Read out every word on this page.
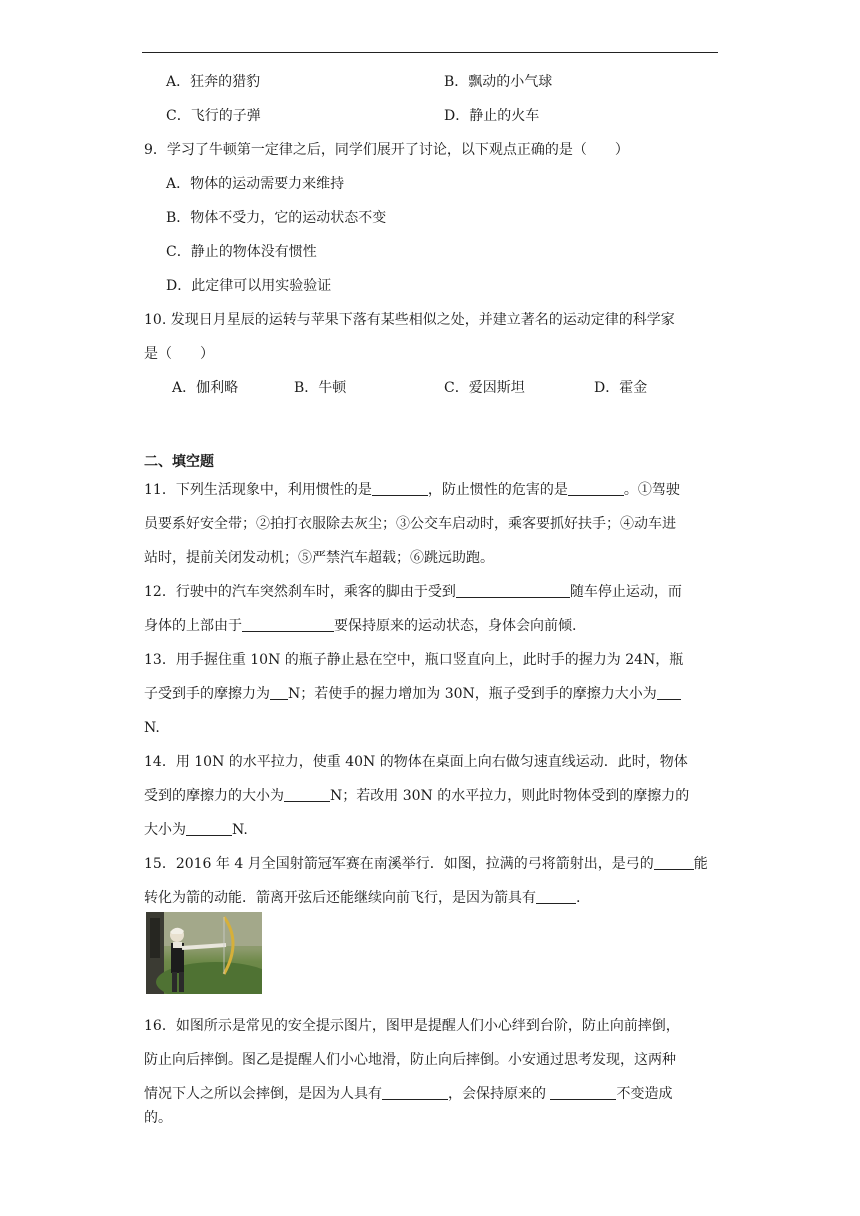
A．狂奔的猎豹	B．飘动的小气球
C．飞行的子弹	D．静止的火车
9．学习了牛顿第一定律之后，同学们展开了讨论，以下观点正确的是（　　）
A．物体的运动需要力来维持
B．物体不受力，它的运动状态不变
C．静止的物体没有惯性
D．此定律可以用实验验证
10. 发现日月星辰的运转与苹果下落有某些相似之处，并建立著名的运动定律的科学家
是（　　）
A．伽利略	B．牛顿	C．爱因斯坦	D．霍金
二、填空题
11．下列生活现象中，利用惯性的是	，防止惯性的危害的是	。①驾驶
员要系好安全带；②拍打衣服除去灰尘；③公交车启动时，乘客要抓好扶手；④动车进
站时，提前关闭发动机；⑤严禁汽车超载；⑥跳远助跑。
12．行驶中的汽车突然刹车时，乘客的脚由于受到	随车停止运动，而
身体的上部由于	要保持原来的运动状态，身体会向前倾.
13．用手握住重 10N 的瓶子静止悬在空中，瓶口竖直向上，此时手的握力为 24N，瓶
子受到手的摩擦力为 N；若使手的握力增加为 30N，瓶子受到手的摩擦力大小为
N.
14．用 10N 的水平拉力，使重 40N 的物体在桌面上向右做匀速直线运动．此时，物体
受到的摩擦力的大小为	N；若改用 30N 的水平拉力，则此时物体受到的摩擦力的
大小为	N.
15．2016 年 4 月全国射箭冠军赛在南溪举行．如图，拉满的弓将箭射出，是弓的	能
转化为箭的动能．箭离开弦后还能继续向前飞行，是因为箭具有	.
16．如图所示是常见的安全提示图片，图甲是提醒人们小心绊到台阶，防止向前摔倒，
防止向后摔倒。图乙是提醒人们小心地滑，防止向后摔倒。小安通过思考发现，这两种
情况下人之所以会摔倒，是因为人具有	，会保持原来的	不变造成
的。
